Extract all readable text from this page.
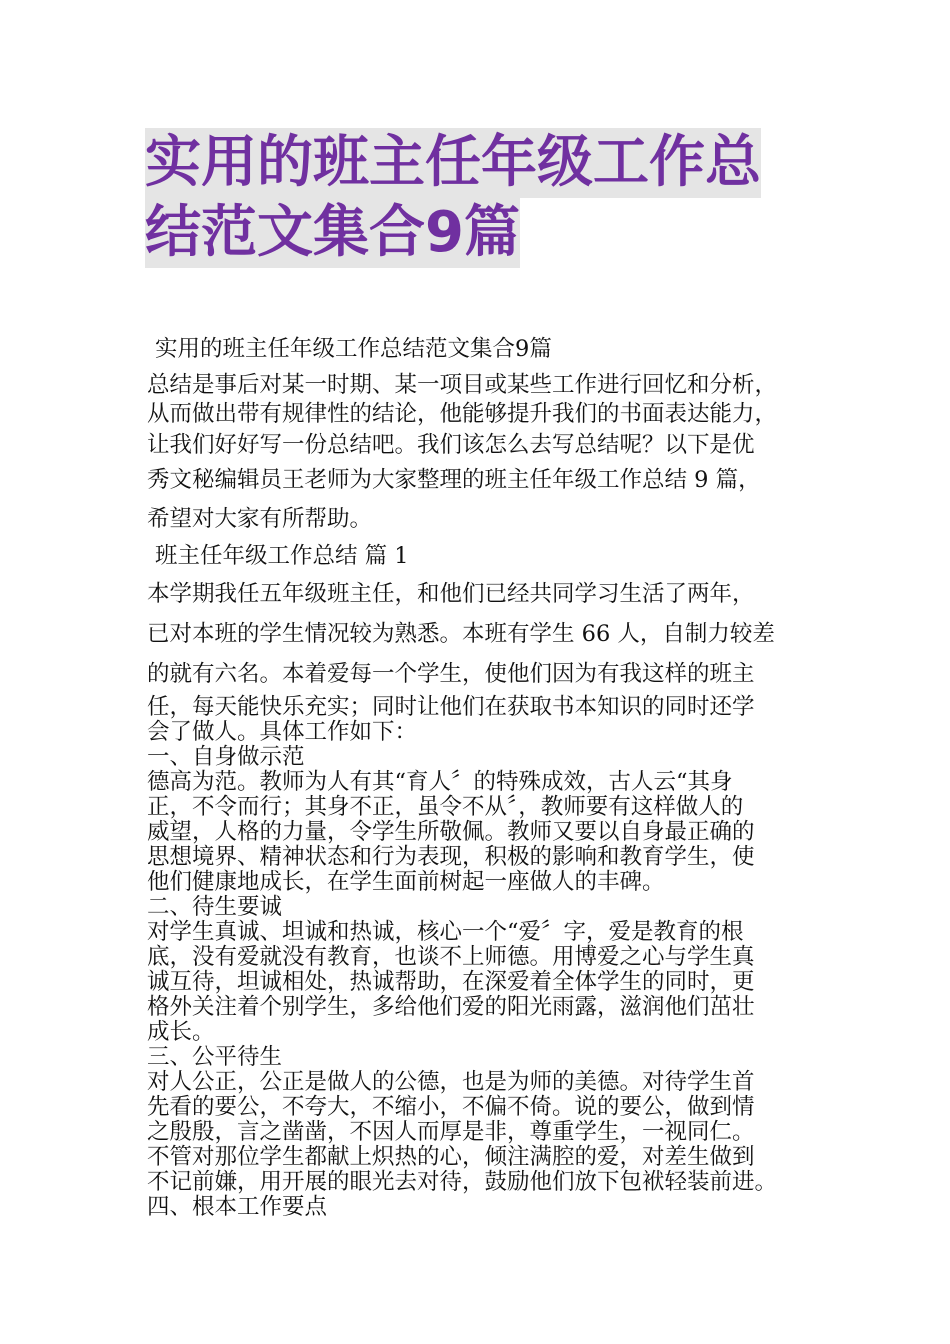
实用的班主任年级工作总
结范文集合9篇

实用的班主任年级工作总结范文集合9篇

总结是事后对某一时期、某一项目或某些工作进行回忆和分析，
从而做出带有规律性的结论，他能够提升我们的书面表达能力，
让我们好好写一份总结吧。我们该怎么去写总结呢？以下是优
秀文秘编辑员王老师为大家整理的班主任年级工作总结 9 篇，
希望对大家有所帮助。

班主任年级工作总结 篇 1

本学期我任五年级班主任，和他们已经共同学习生活了两年，
已对本班的学生情况较为熟悉。本班有学生 66 人，自制力较差
的就有六名。本着爱每一个学生，使他们因为有我这样的班主
任，每天能快乐充实；同时让他们在获取书本知识的同时还学
会了做人。具体工作如下：
一、自身做示范
德高为范。教师为人有其“育人〞的特殊成效，古人云“其身
正，不令而行；其身不正，虽令不从〞，教师要有这样做人的
威望，人格的力量，令学生所敬佩。教师又要以自身最正确的
思想境界、精神状态和行为表现，积极的影响和教育学生，使
他们健康地成长，在学生面前树起一座做人的丰碑。
二、待生要诚
对学生真诚、坦诚和热诚，核心一个“爱〞字，爱是教育的根
底，没有爱就没有教育，也谈不上师德。用博爱之心与学生真
诚互待，坦诚相处，热诚帮助，在深爱着全体学生的同时，更
格外关注着个别学生，多给他们爱的阳光雨露，滋润他们茁壮
成长。
三、公平待生
对人公正，公正是做人的公德，也是为师的美德。对待学生首
先看的要公，不夸大，不缩小，不偏不倚。说的要公，做到情
之殷殷，言之凿凿，不因人而厚是非，尊重学生，一视同仁。
不管对那位学生都献上炽热的心，倾注满腔的爱，对差生做到
不记前嫌，用开展的眼光去对待，鼓励他们放下包袱轻装前进。
四、根本工作要点
